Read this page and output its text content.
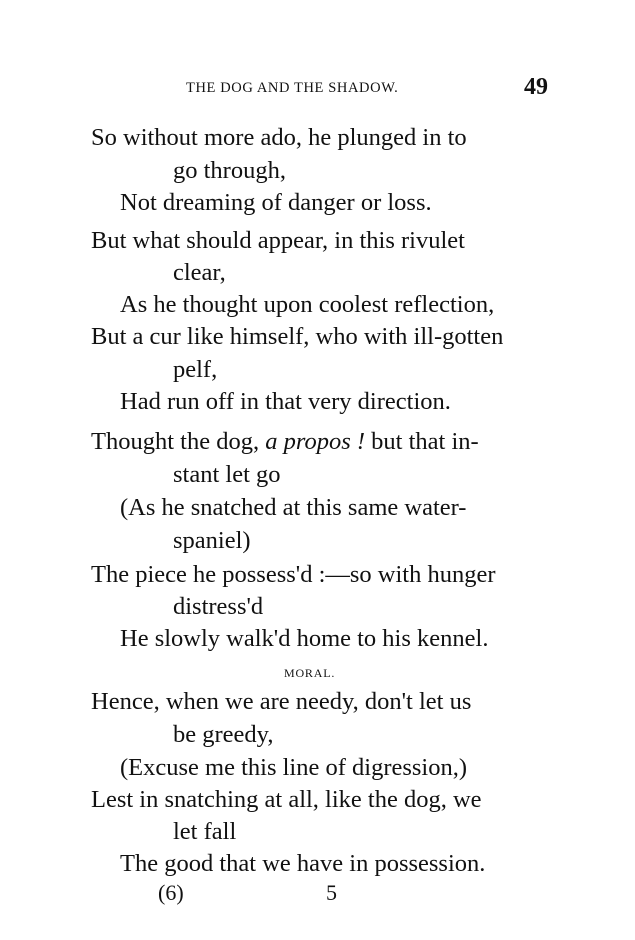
THE DOG AND THE SHADOW.	49
So without more ado, he plunged in to
go through,
Not dreaming of danger or loss.
But what should appear, in this rivulet
clear,
As he thought upon coolest reflection,
But a cur like himself, who with ill-gotten
pelf,
Had run off in that very direction.
Thought the dog, a propos ! but that in-
stant let go
(As he snatched at this same water-
spaniel)
The piece he possess'd :—so with hunger
distress'd
He slowly walk'd home to his kennel.
MORAL.
Hence, when we are needy, don't let us
be greedy,
(Excuse me this line of digression,)
Lest in snatching at all, like the dog, we
let fall
The good that we have in possession.
(6)	5
